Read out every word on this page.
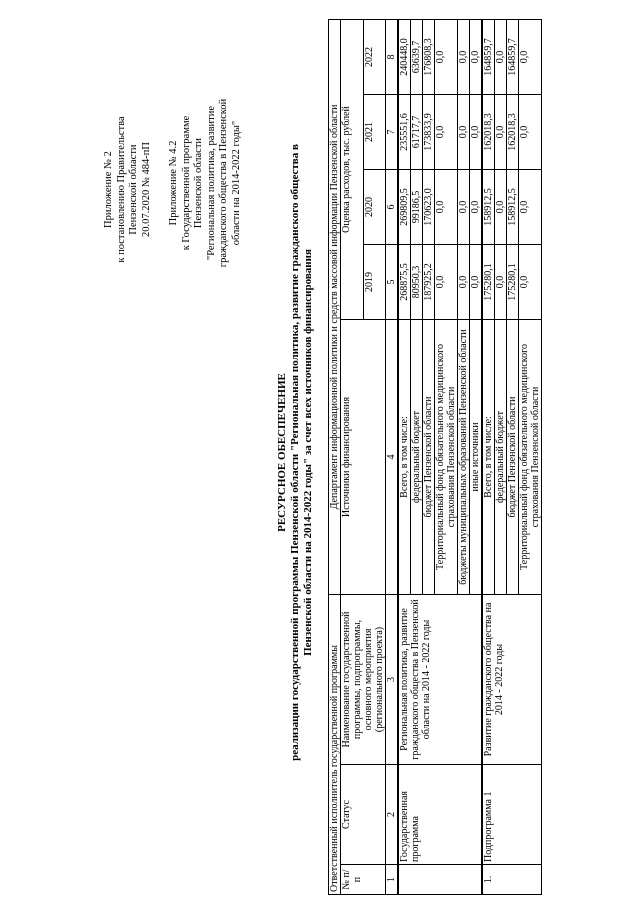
Приложение № 2 к постановлению Правительства Пензенской области 20.07.2020 № 484-пП Приложение № 4.2 к Государственной программе Пензенской области "Региональная политика, развитие гражданского общества в Пензенской области на 2014-2022 годы"
РЕСУРСНОЕ ОБЕСПЕЧЕНИЕ реализации государственной программы Пензенской области "Региональная политика, развитие гражданского общества в Пензенской области на 2014-2022 годы" за счет всех источников финансирования
Ответственный исполнитель государственной программы			Департамент информационной политики и средств массовой информации Пензенской области				
№ п/п	Статус	Наименование государственной программы, подпрограммы, основного мероприятия (регионального проекта)	Источники финансирования	Оценка расходов, тыс. рублей			
				2019	2020	2021	2022
1	2	3	4	5	6	7	8
	Государственная программа	Региональная политика, развитие гражданского общества в Пензенской области на 2014 - 2022 годы	Всего, в том числе:	268875,5	269809,5	235551,6	240448,0
			федеральный бюджет	80950,3	99186,5	61717,7	63639,7
			бюджет Пензенской области	187925,2	170623,0	173833,9	176808,3
			Территориальный фонд обязательного медицинского страхования Пензенской области	0,0	0,0	0,0	0,0
			бюджеты муниципальных образований Пензенской области	0,0	0,0	0,0	0,0
			иные источники	0,0	0,0	0,0	0,0
1.	Подпрограмма 1	Развитие гражданского общества на 2014 - 2022 годы	Всего, в том числе:	175280,1	158912,5	162018,3	164859,7
			федеральный бюджет	0,0	0,0	0,0	0,0
			бюджет Пензенской области	175280,1	158912,5	162018,3	164859,7
			Территориальный фонд обязательного медицинского страхования Пензенской области	0,0	0,0	0,0	0,0
